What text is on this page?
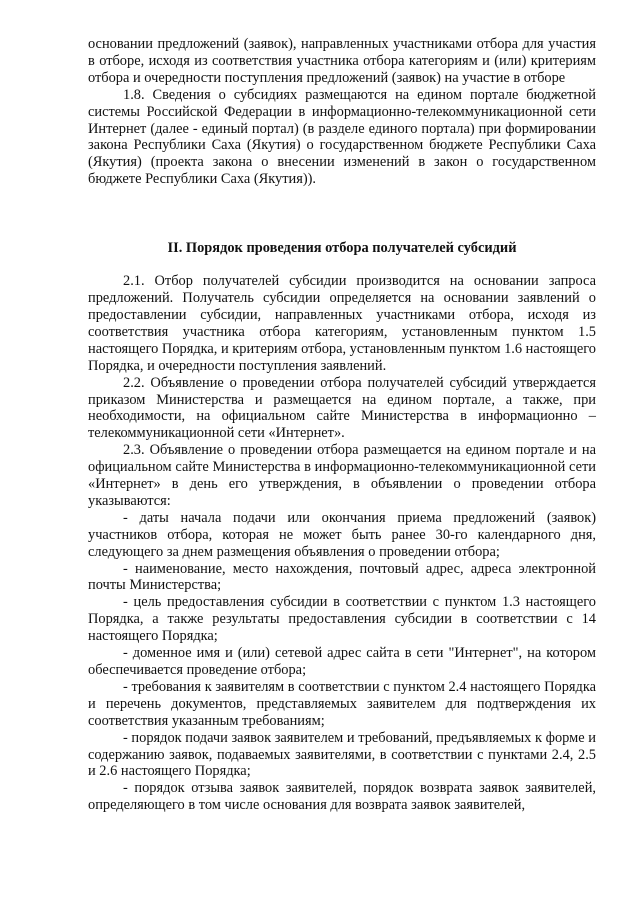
основании предложений (заявок), направленных участниками отбора для участия в отборе, исходя из соответствия участника отбора категориям и (или) критериям отбора и очередности поступления предложений (заявок) на участие в отборе

1.8. Сведения о субсидиях размещаются на едином портале бюджетной системы Российской Федерации в информационно-телекоммуникационной сети Интернет (далее - единый портал) (в разделе единого портала) при формировании закона Республики Саха (Якутия) о государственном бюджете Республики Саха (Якутия) (проекта закона о внесении изменений в закон о государственном бюджете Республики Саха (Якутия)).

II. Порядок проведения отбора получателей субсидий

2.1. Отбор получателей субсидии производится на основании запроса предложений. Получатель субсидии определяется на основании заявлений о предоставлении субсидии, направленных участниками отбора, исходя из соответствия участника отбора категориям, установленным пунктом 1.5 настоящего Порядка, и критериям отбора, установленным пунктом 1.6 настоящего Порядка, и очередности поступления заявлений.

2.2. Объявление о проведении отбора получателей субсидий утверждается приказом Министерства и размещается на едином портале, а также, при необходимости, на официальном сайте Министерства в информационно – телекоммуникационной сети «Интернет».

2.3. Объявление о проведении отбора размещается на едином портале и на официальном сайте Министерства в информационно-телекоммуникационной сети «Интернет» в день его утверждения, в объявлении о проведении отбора указываются:

- даты начала подачи или окончания приема предложений (заявок) участников отбора, которая не может быть ранее 30-го календарного дня, следующего за днем размещения объявления о проведении отбора;

- наименование, место нахождения, почтовый адрес, адреса электронной почты Министерства;

- цель предоставления субсидии в соответствии с пунктом 1.3 настоящего Порядка, а также результаты предоставления субсидии в соответствии с 14 настоящего Порядка;

- доменное имя и (или) сетевой адрес сайта в сети "Интернет", на котором обеспечивается проведение отбора;

- требования к заявителям в соответствии с пунктом 2.4 настоящего Порядка и перечень документов, представляемых заявителем для подтверждения их соответствия указанным требованиям;

- порядок подачи заявок заявителем и требований, предъявляемых к форме и содержанию заявок, подаваемых заявителями, в соответствии с пунктами 2.4, 2.5 и 2.6 настоящего Порядка;

- порядок отзыва заявок заявителей, порядок возврата заявок заявителей, определяющего в том числе основания для возврата заявок заявителей,
